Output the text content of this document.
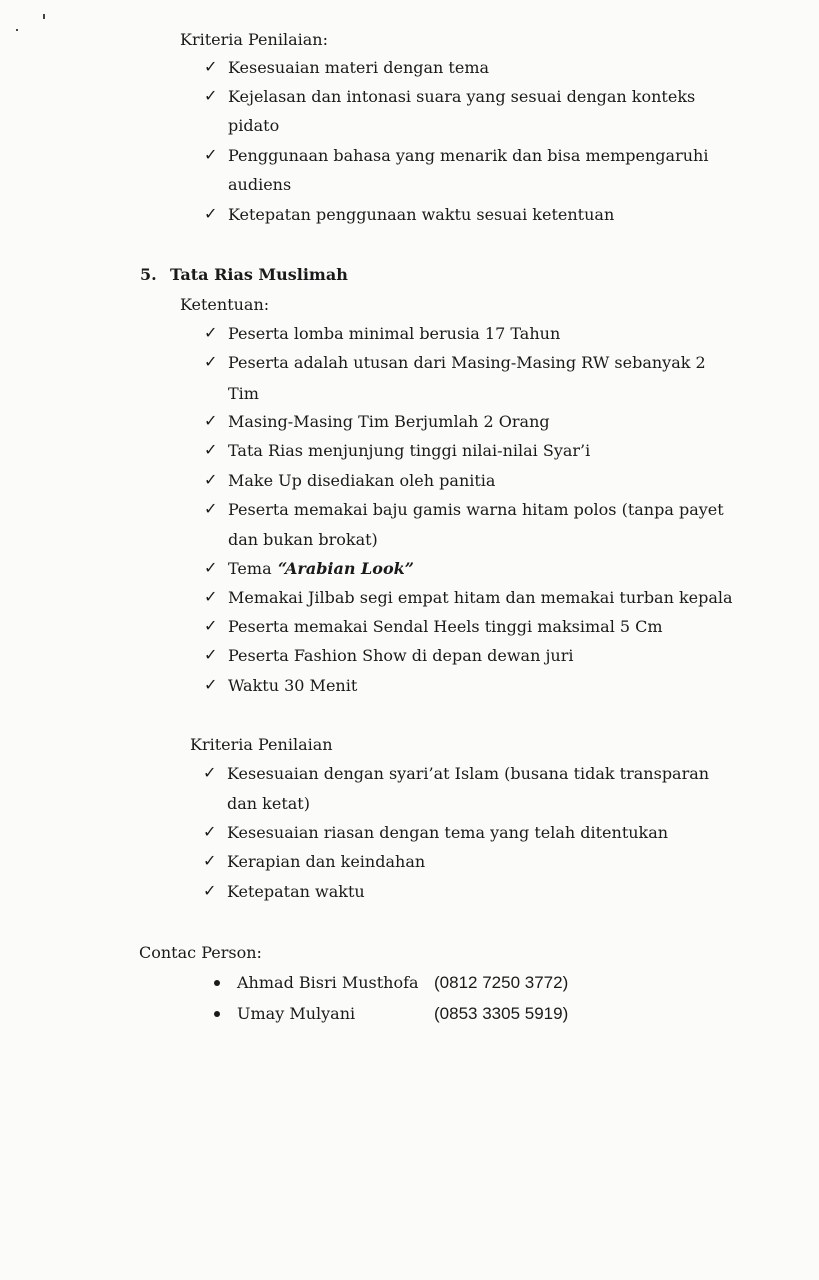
Kriteria Penilaian:
✓ Kesesuaian materi dengan tema
✓ Kejelasan dan intonasi suara yang sesuai dengan konteks
pidato
✓ Penggunaan bahasa yang menarik dan bisa mempengaruhi
audiens
✓ Ketepatan penggunaan waktu sesuai ketentuan
5. Tata Rias Muslimah
Ketentuan:
✓ Peserta lomba minimal berusia 17 Tahun
✓ Peserta adalah utusan dari Masing-Masing RW sebanyak 2
Tim
✓ Masing-Masing Tim Berjumlah 2 Orang
✓ Tata Rias menjunjung tinggi nilai-nilai Syar’i
✓ Make Up disediakan oleh panitia
✓ Peserta memakai baju gamis warna hitam polos (tanpa payet
dan bukan brokat)
✓ Tema “Arabian Look”
✓ Memakai Jilbab segi empat hitam dan memakai turban kepala
✓ Peserta memakai Sendal Heels tinggi maksimal 5 Cm
✓ Peserta Fashion Show di depan dewan juri
✓ Waktu 30 Menit
Kriteria Penilaian
✓ Kesesuaian dengan syari’at Islam (busana tidak transparan
dan ketat)
✓ Kesesuaian riasan dengan tema yang telah ditentukan
✓ Kerapian dan keindahan
✓ Ketepatan waktu
Contac Person:
Ahmad Bisri Musthofa (0812 7250 3772)
Umay Mulyani	(0853 3305 5919)
